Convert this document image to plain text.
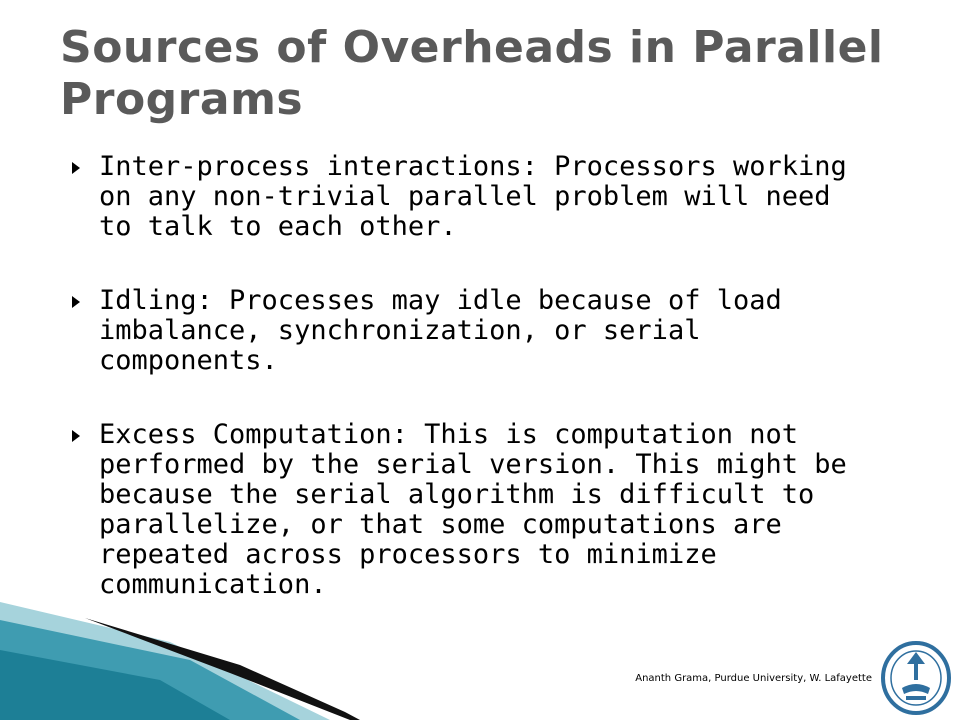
Sources of Overheads in Parallel Programs
Inter-process interactions: Processors working on any non-trivial parallel problem will need to talk to each other.
Idling: Processes may idle because of load imbalance, synchronization, or serial components.
Excess Computation: This is computation not performed by the serial version. This might be because the serial algorithm is difficult to parallelize, or that some computations are repeated across processors to minimize communication.
Ananth Grama, Purdue University, W. Lafayette
